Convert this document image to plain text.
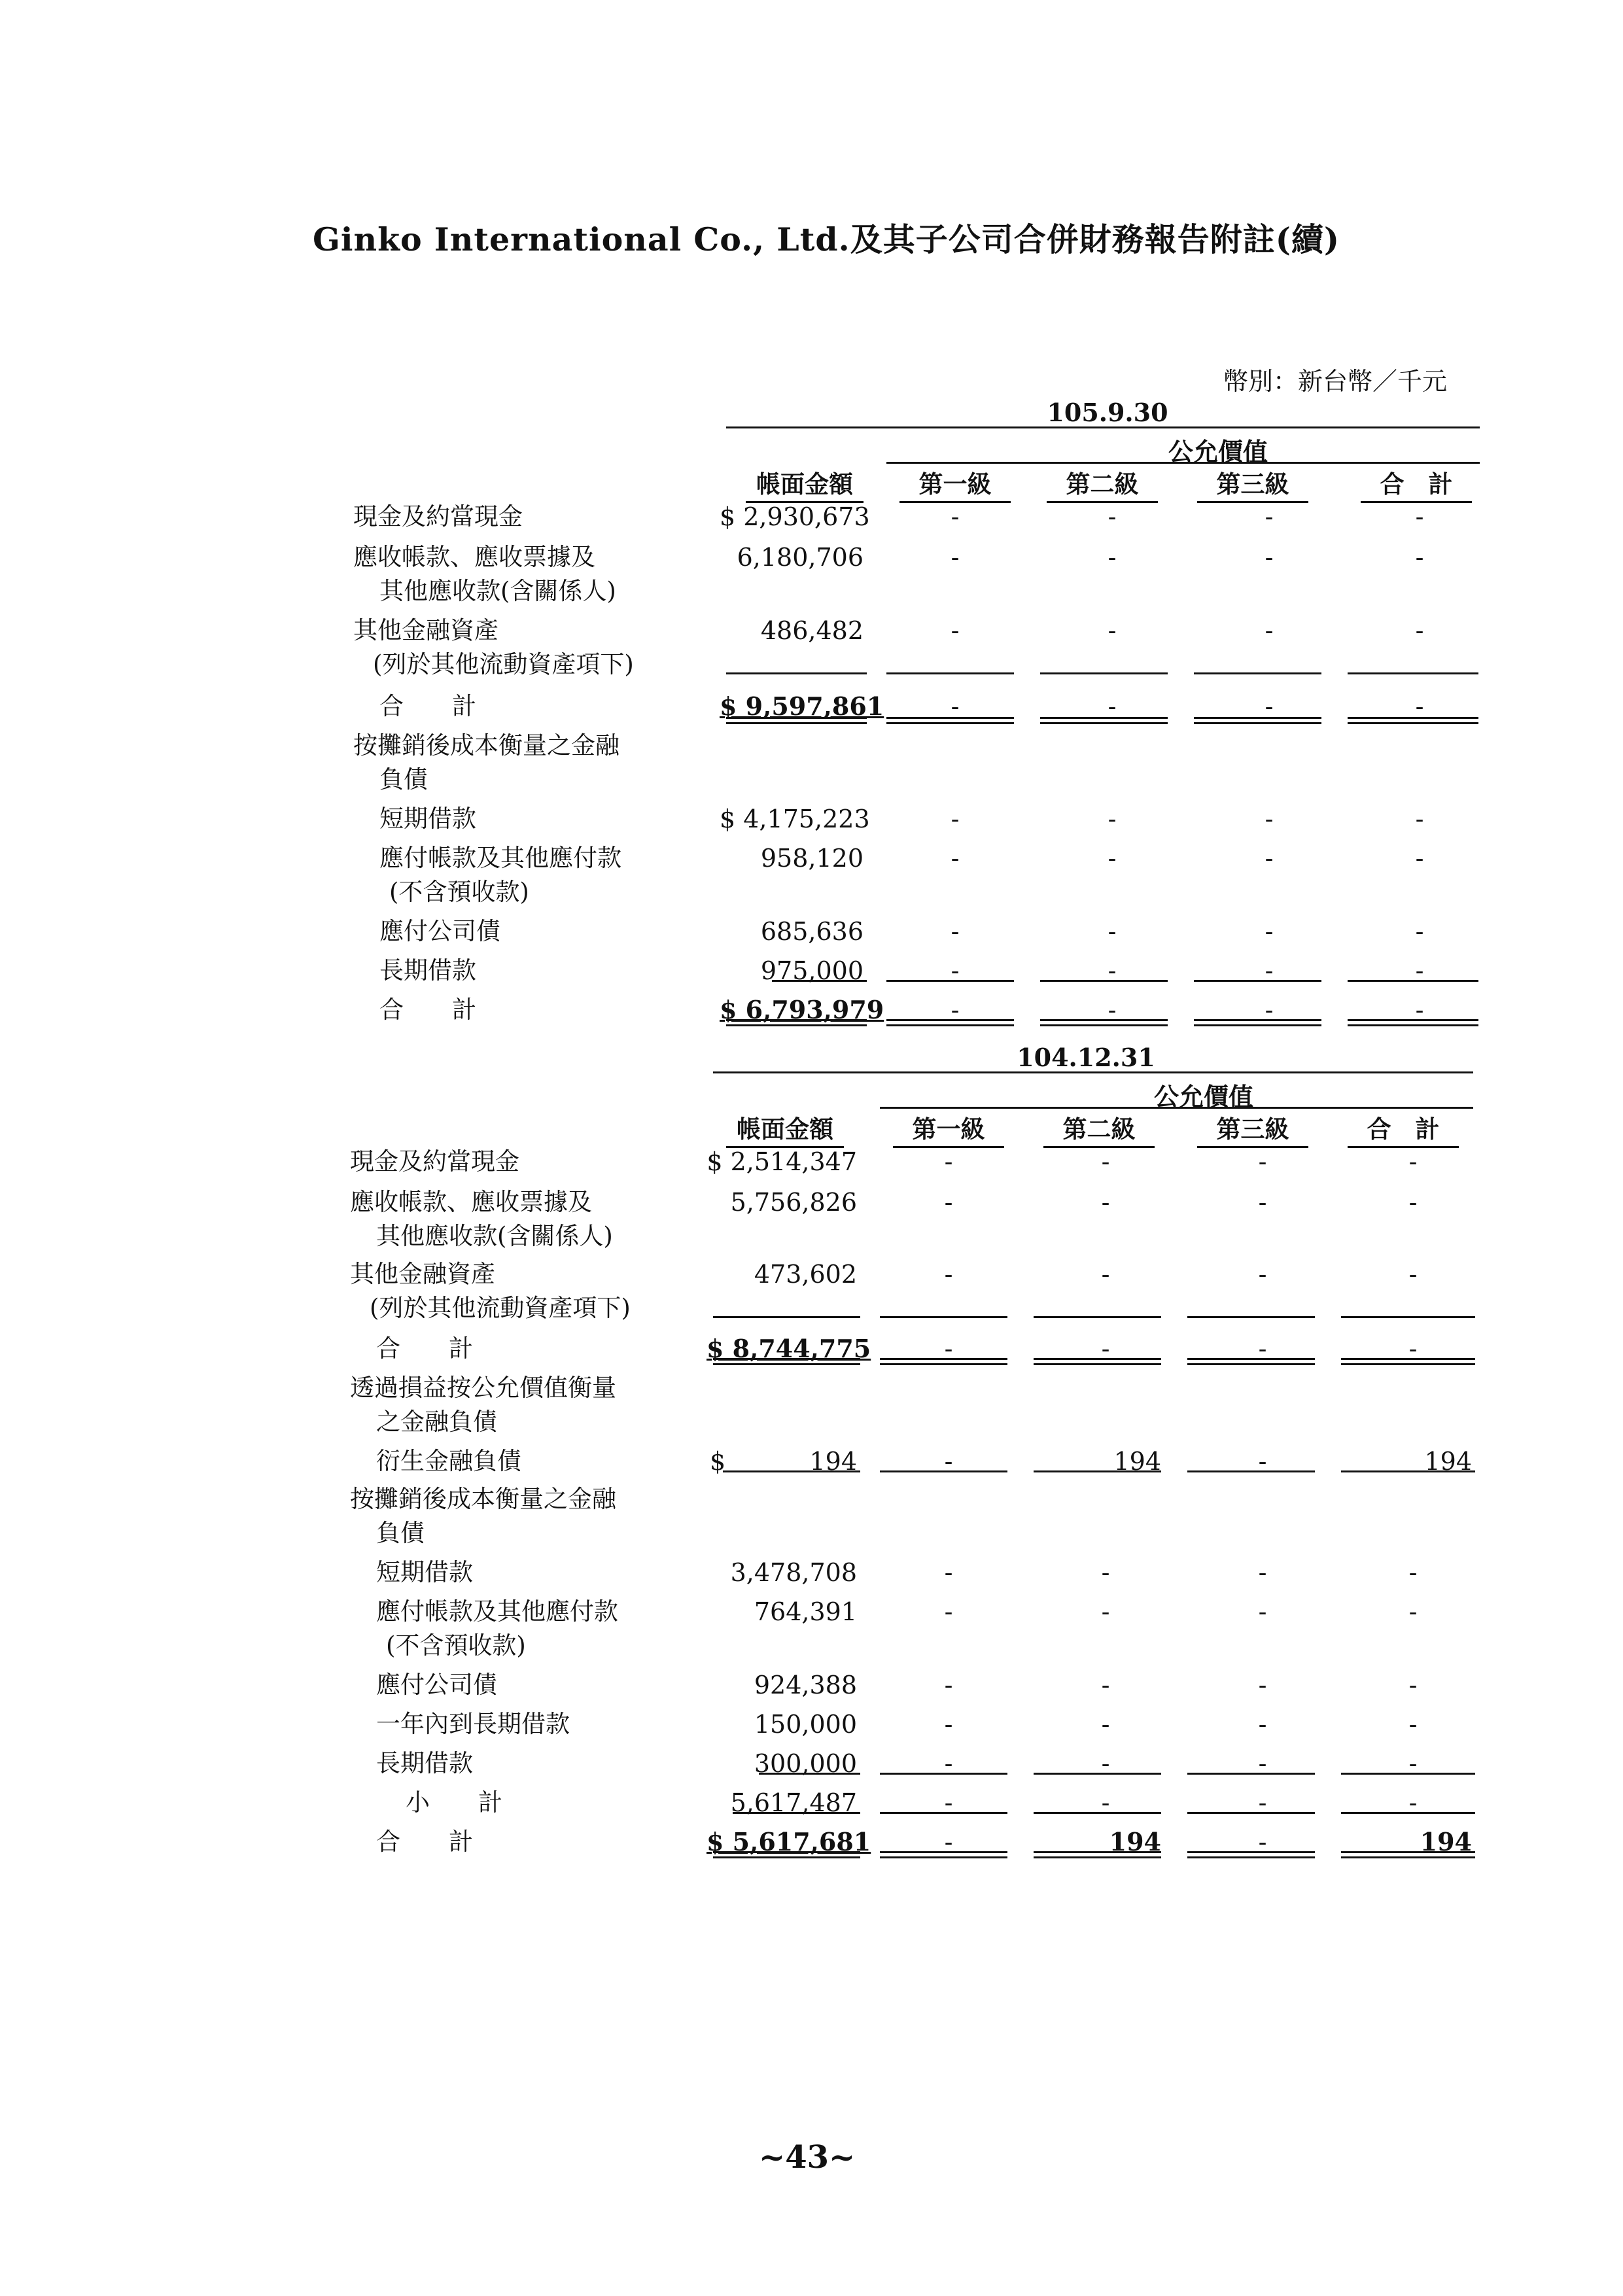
Ginko International Co., Ltd.及其子公司合併財務報告附註(續)
幣別：新台幣／千元
105.9.30
公允價值
帳面金額	第一級	第二級	第三級	合　計
現金及約當現金	$ 2,930,673	-	-	-	-
應收帳款、應收票據及
其他應收款(含關係人)
6,180,706	-	-	-	-
其他金融資產
(列於其他流動資產項下)
486,482	-	-	-	-
合　　計	$ 9,597,861	-	-	-	-
按攤銷後成本衡量之金融
負債
短期借款	$ 4,175,223	-	-	-	-
應付帳款及其他應付款
(不含預收款)
958,120	-	-	-	-
應付公司債	685,636	-	-	-	-
長期借款	975,000	-	-	-	-
合　　計	$ 6,793,979	-	-	-	-
104.12.31
公允價值
帳面金額	第一級	第二級	第三級	合　計
現金及約當現金	$ 2,514,347	-	-	-	-
應收帳款、應收票據及
其他應收款(含關係人)
5,756,826	-	-	-	-
其他金融資產
(列於其他流動資產項下)
473,602	-	-	-	-
合　　計	$ 8,744,775	-	-	-	-
透過損益按公允價值衡量
之金融負債
衍生金融負債	$	194	-	194	-	194
按攤銷後成本衡量之金融
負債
短期借款	3,478,708	-	-	-	-
應付帳款及其他應付款
(不含預收款)
764,391	-	-	-	-
應付公司債	924,388	-	-	-	-
一年內到長期借款	150,000	-	-	-	-
長期借款	300,000	-	-	-	-
小　　計	5,617,487	-	-	-	-
合　　計	$ 5,617,681	-	194	-	194
~43~
